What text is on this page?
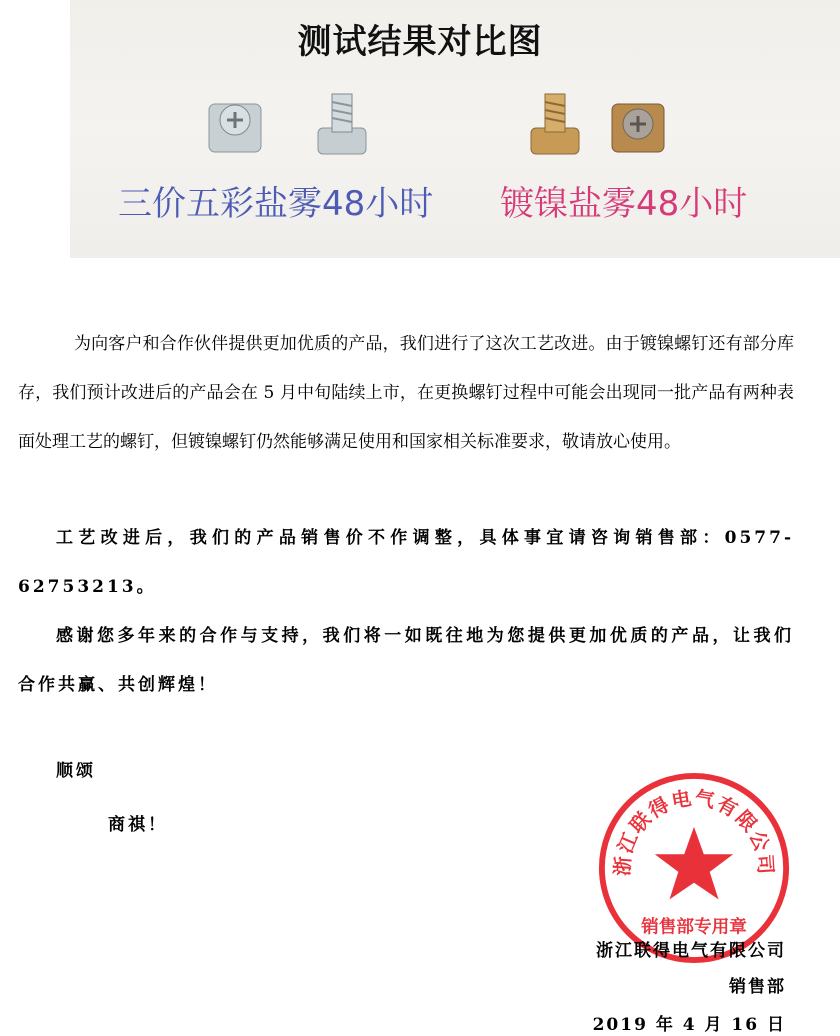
测试结果对比图
三价五彩盐雾48小时 镀镍盐雾48小时

为向客户和合作伙伴提供更加优质的产品，我们进行了这次工艺改进。由于镀镍螺钉还有部分库存，我们预计改进后的产品会在 5 月中旬陆续上市，在更换螺钉过程中可能会出现同一批产品有两种表面处理工艺的螺钉，但镀镍螺钉仍然能够满足使用和国家相关标准要求，敬请放心使用。

工艺改进后，我们的产品销售价不作调整，具体事宜请咨询销售部：0577-62753213。

感谢您多年来的合作与支持，我们将一如既往地为您提供更加优质的产品，让我们合作共赢、共创辉煌！

顺颂

商祺！

浙江联得电气有限公司
销售部专用章

浙江联得电气有限公司

销售部

2019 年 4 月 16 日
